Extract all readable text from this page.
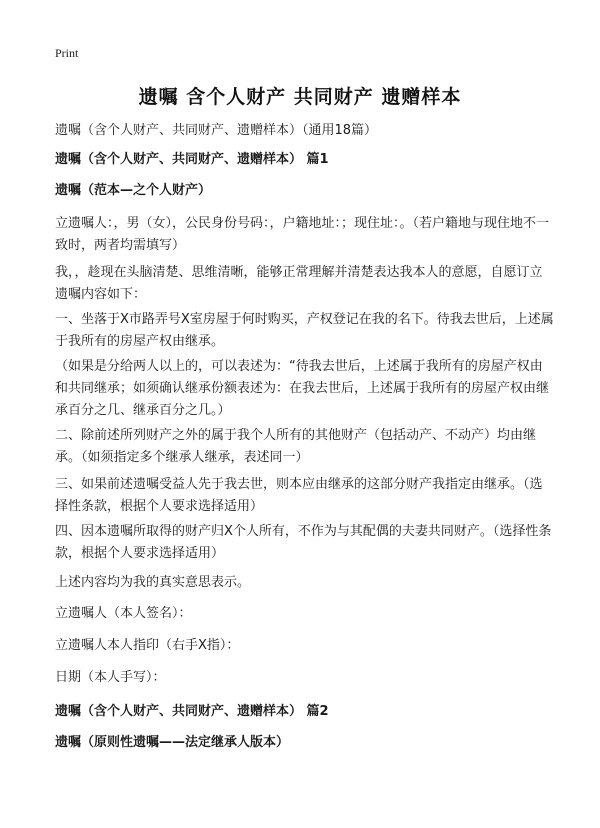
Print
遗嘱 含个人财产 共同财产 遗赠样本

遗嘱（含个人财产、共同财产、遗赠样本）（通用18篇）

遗嘱（含个人财产、共同财产、遗赠样本） 篇1

遗嘱（范本—之个人财产）

立遗嘱人：，男（女），公民身份号码：，户籍地址：；现住址：。（若户籍地与现住地不一致时，两者均需填写）

我，，趁现在头脑清楚、思维清晰，能够正常理解并清楚表达我本人的意愿，自愿订立遗嘱内容如下：

一、坐落于X市路弄号X室房屋于何时购买，产权登记在我的名下。待我去世后，上述属于我所有的房屋产权由继承。

（如果是分给两人以上的，可以表述为：“待我去世后，上述属于我所有的房屋产权由和共同继承；如须确认继承份额表述为：在我去世后，上述属于我所有的房屋产权由继承百分之几、继承百分之几。）

二、除前述所列财产之外的属于我个人所有的其他财产（包括动产、不动产）均由继承。（如须指定多个继承人继承，表述同一）

三、如果前述遗嘱受益人先于我去世，则本应由继承的这部分财产我指定由继承。（选择性条款，根据个人要求选择适用）

四、因本遗嘱所取得的财产归X个人所有，不作为与其配偶的夫妻共同财产。（选择性条款，根据个人要求选择适用）

上述内容均为我的真实意思表示。

立遗嘱人（本人签名）：

立遗嘱人本人指印（右手X指）：

日期（本人手写）：

遗嘱（含个人财产、共同财产、遗赠样本） 篇2

遗嘱（原则性遗嘱——法定继承人版本）
